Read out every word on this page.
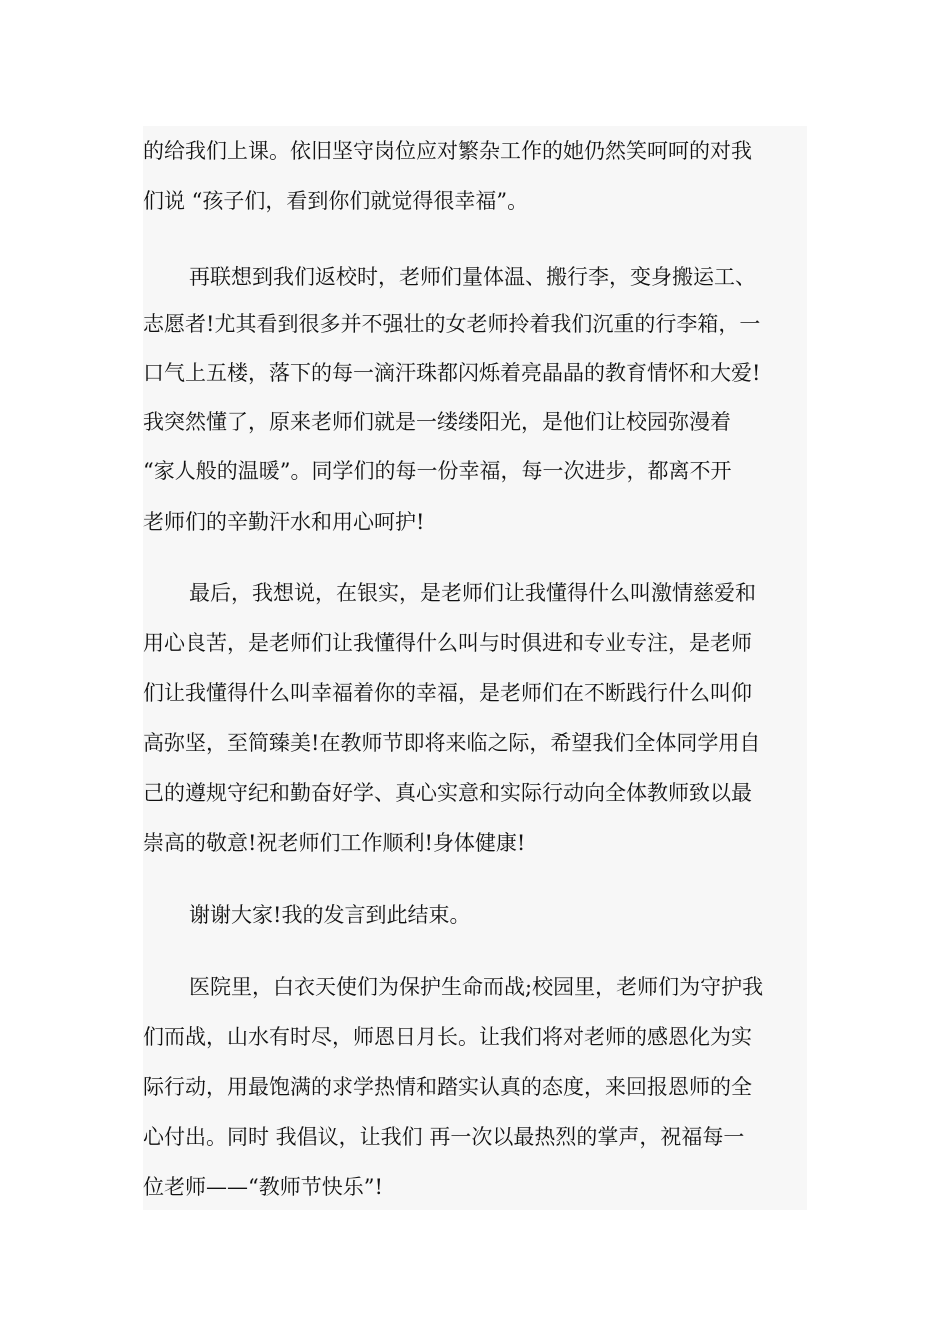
的给我们上课。依旧坚守岗位应对繁杂工作的她仍然笑呵呵的对我
们说 “孩子们，看到你们就觉得很幸福”。
再联想到我们返校时，老师们量体温、搬行李，变身搬运工、
志愿者!尤其看到很多并不强壮的女老师拎着我们沉重的行李箱，一
口气上五楼，落下的每一滴汗珠都闪烁着亮晶晶的教育情怀和大爱!
我突然懂了，原来老师们就是一缕缕阳光，是他们让校园弥漫着
“家人般的温暖”。同学们的每一份幸福，每一次进步，都离不开
老师们的辛勤汗水和用心呵护!
最后，我想说，在银实，是老师们让我懂得什么叫激情慈爱和
用心良苦，是老师们让我懂得什么叫与时俱进和专业专注，是老师
们让我懂得什么叫幸福着你的幸福，是老师们在不断践行什么叫仰
高弥坚，至简臻美!在教师节即将来临之际，希望我们全体同学用自
己的遵规守纪和勤奋好学、真心实意和实际行动向全体教师致以最
崇高的敬意!祝老师们工作顺利!身体健康!
谢谢大家!我的发言到此结束。
医院里，白衣天使们为保护生命而战;校园里，老师们为守护我
们而战，山水有时尽，师恩日月长。让我们将对老师的感恩化为实
际行动，用最饱满的求学热情和踏实认真的态度，来回报恩师的全
心付出。同时 我倡议，让我们 再一次以最热烈的掌声，祝福每一
位老师——“教师节快乐”!
